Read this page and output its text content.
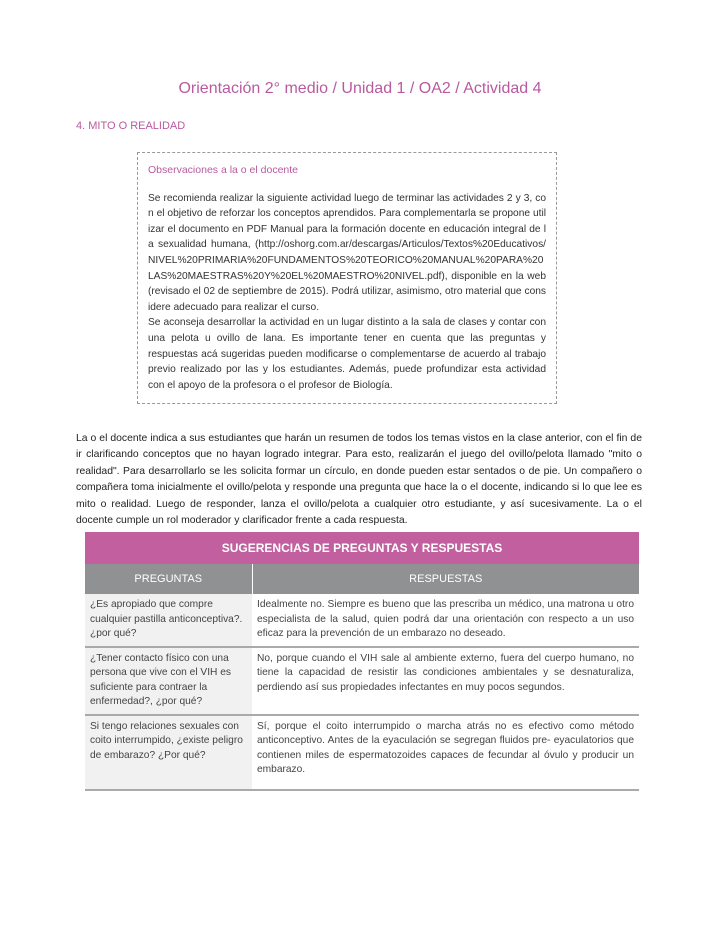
Orientación 2° medio / Unidad 1 / OA2 / Actividad 4
4. MITO O REALIDAD
Observaciones a la o el docente

Se recomienda realizar la siguiente actividad luego de terminar las actividades 2 y 3, con el objetivo de reforzar los conceptos aprendidos. Para complementarla se propone utilizar el documento en PDF Manual para la formación docente en educación integral de la sexualidad humana, (http://oshorg.com.ar/descargas/Articulos/Textos%20Educativos/NIVEL%20PRIMARIA%20FUNDAMENTOS%20TEORICO%20MANUAL%20PARA%20LAS%20MAESTRAS%20Y%20EL%20MAESTRO%20NIVEL.pdf), disponible en la web (revisado el 02 de septiembre de 2015). Podrá utilizar, asimismo, otro material que considere adecuado para realizar el curso.

Se aconseja desarrollar la actividad en un lugar distinto a la sala de clases y contar con una pelota u ovillo de lana. Es importante tener en cuenta que las preguntas y respuestas acá sugeridas pueden modificarse o complementarse de acuerdo al trabajo previo realizado por las y los estudiantes. Además, puede profundizar esta actividad con el apoyo de la profesora o el profesor de Biología.

La o el docente indica a sus estudiantes que harán un resumen de todos los temas vistos en la clase anterior, con el fin de ir clarificando conceptos que no hayan logrado integrar. Para esto, realizarán el juego del ovillo/pelota llamado "mito o realidad". Para desarrollarlo se les solicita formar un círculo, en donde pueden estar sentados o de pie. Un compañero o compañera toma inicialmente el ovillo/pelota y responde una pregunta que hace la o el docente, indicando si lo que lee es mito o realidad. Luego de responder, lanza el ovillo/pelota a cualquier otro estudiante, y así sucesivamente. La o el docente cumple un rol moderador y clarificador frente a cada respuesta.
SUGERENCIAS DE PREGUNTAS Y RESPUESTAS	
PREGUNTAS	RESPUESTAS
¿Es apropiado que compre cualquier pastilla anticonceptiva?. ¿por qué?	Idealmente no. Siempre es bueno que las prescriba un médico, una matrona u otro especialista de la salud, quien podrá dar una orientación con respecto a un uso eficaz para la prevención de un embarazo no deseado.
¿Tener contacto físico con una persona que vive con el VIH es suficiente para contraer la enfermedad?, ¿por qué?	No, porque cuando el VIH sale al ambiente externo, fuera del cuerpo humano, no tiene la capacidad de resistir las condiciones ambientales y se desnaturaliza, perdiendo así sus propiedades infectantes en muy pocos segundos.
Si tengo relaciones sexuales con coito interrumpido, ¿existe peligro de embarazo? ¿Por qué?	Sí, porque el coito interrumpido o marcha atrás no es efectivo como método anticonceptivo. Antes de la eyaculación se segregan fluidos pre- eyaculatorios que contienen miles de espermatozoides capaces de fecundar al óvulo y producir un embarazo.
